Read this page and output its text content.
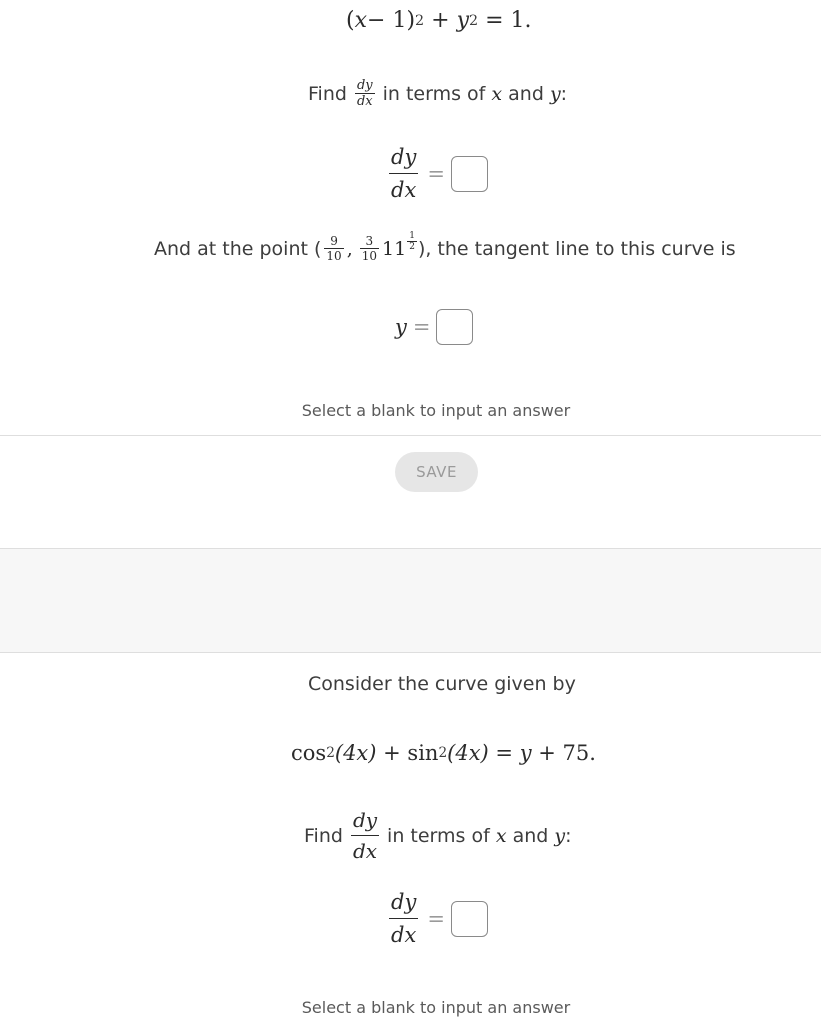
( x − 1) 2 + y 2 = 1.
Find $\frac{dy}{dx}$ in terms of x and y :
$\frac{dy}{dx}$ =
And at the point ( $\frac{9}{10}$ , $\frac{3}{10} 11 \frac{1}{2}$ ), the tangent line to this curve is
y =
Select a blank to input an answer
SAVE
Consider the curve given by
cos 2 (4x) + sin 2 (4x) = y + 75.
Find $\frac{dy}{dx}$ in terms of x and y :
$\frac{dy}{dx}$ =
Select a blank to input an answer
